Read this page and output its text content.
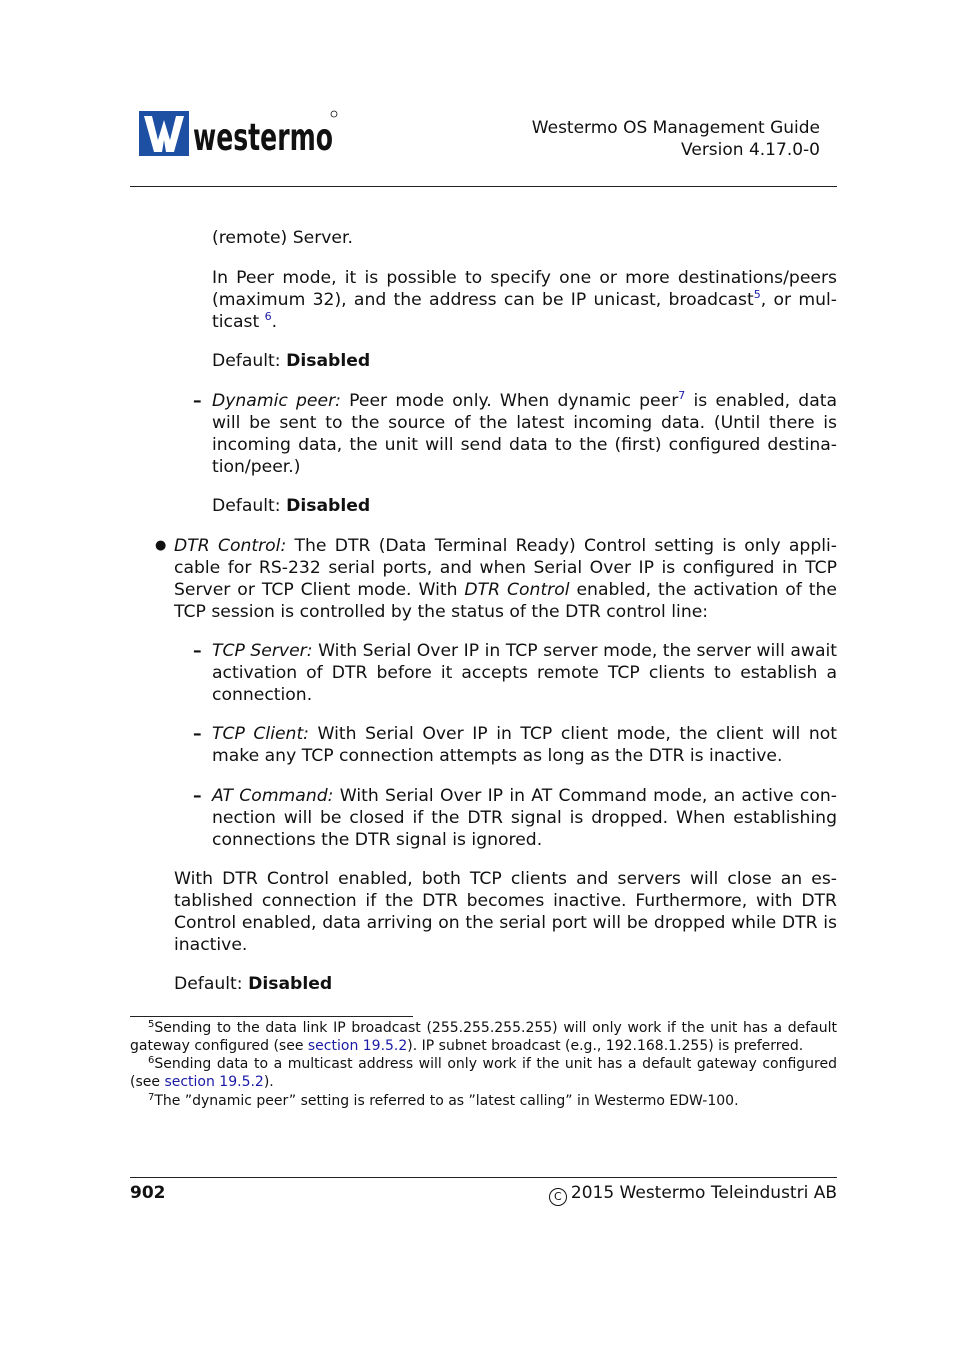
westermo	Westermo OS Management Guide
Version 4.17.0-0

(remote) Server.

In Peer mode, it is possible to specify one or more destinations/peers (maximum 32), and the address can be IP unicast, broadcast$^5$, or mul-ticast $^6$.

Default: Disabled

– Dynamic peer: Peer mode only. When dynamic peer$^7$ is enabled, data will be sent to the source of the latest incoming data. (Until there is incoming data, the unit will send data to the (first) configured destina-tion/peer.)

Default: Disabled

● DTR Control: The DTR (Data Terminal Ready) Control setting is only appli-cable for RS-232 serial ports, and when Serial Over IP is configured in TCP Server or TCP Client mode. With DTR Control enabled, the activation of the TCP session is controlled by the status of the DTR control line:

– TCP Server: With Serial Over IP in TCP server mode, the server will await activation of DTR before it accepts remote TCP clients to establish a connection.

– TCP Client: With Serial Over IP in TCP client mode, the client will not make any TCP connection attempts as long as the DTR is inactive.

– AT Command: With Serial Over IP in AT Command mode, an active con-nection will be closed if the DTR signal is dropped. When establishing connections the DTR signal is ignored.

With DTR Control enabled, both TCP clients and servers will close an es-tablished connection if the DTR becomes inactive. Furthermore, with DTR Control enabled, data arriving on the serial port will be dropped while DTR is inactive.

Default: Disabled

$^5$Sending to the data link IP broadcast (255.255.255.255) will only work if the unit has a default gateway configured (see section 19.5.2). IP subnet broadcast (e.g., 192.168.1.255) is preferred.

$^6$Sending data to a multicast address will only work if the unit has a default gateway configured (see section 19.5.2).

$^7$The ”dynamic peer” setting is referred to as ”latest calling” in Westermo EDW-100.

902	C 2015 Westermo Teleindustri AB
